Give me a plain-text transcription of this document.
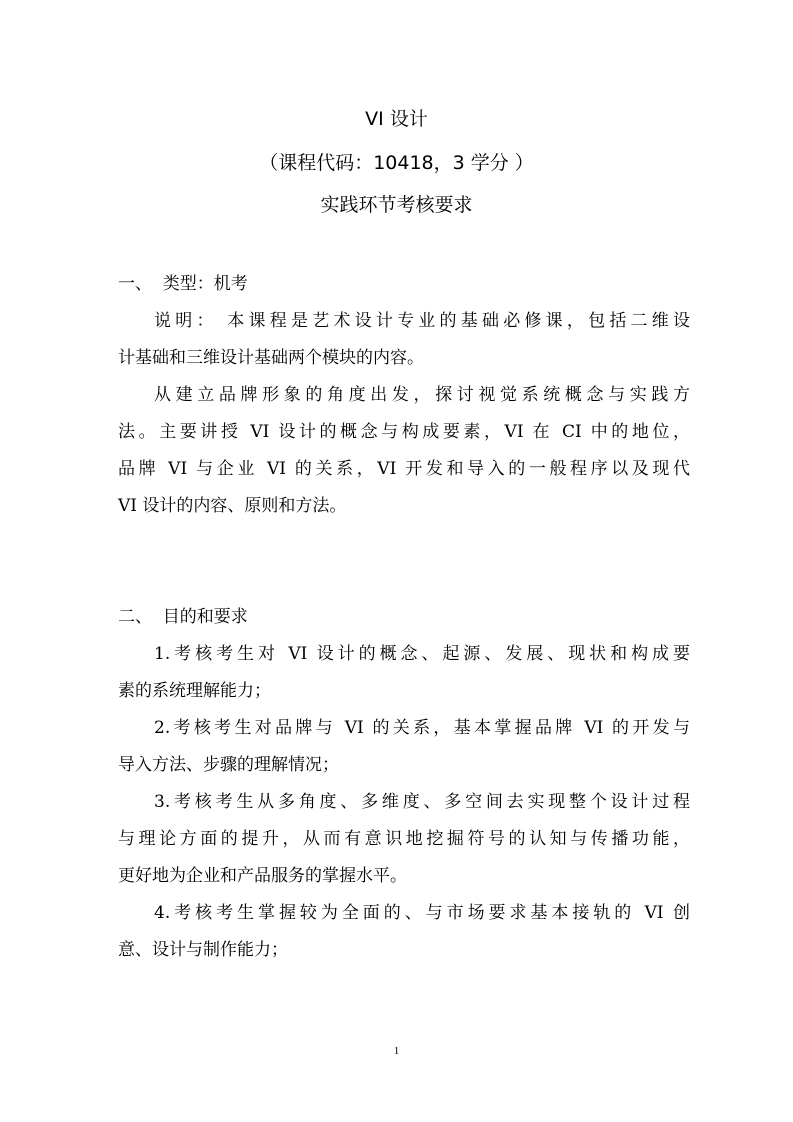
VI 设计
（课程代码：10418，3 学分 ）
实践环节考核要求
一、  类型：机考
说明： 本课程是艺术设计专业的基础必修课，包括二维设
计基础和三维设计基础两个模块的内容。
从建立品牌形象的角度出发，探讨视觉系统概念与实践方
法。主要讲授 VI 设计的概念与构成要素，VI 在 CI 中的地位，
品牌 VI 与企业 VI 的关系，VI 开发和导入的一般程序以及现代
VI 设计的内容、原则和方法。
二、  目的和要求
1.考核考生对 VI 设计的概念、起源、发展、现状和构成要
素的系统理解能力；
2.考核考生对品牌与 VI 的关系，基本掌握品牌 VI 的开发与
导入方法、步骤的理解情况；
3.考核考生从多角度、多维度、多空间去实现整个设计过程
与理论方面的提升，从而有意识地挖掘符号的认知与传播功能，
更好地为企业和产品服务的掌握水平。
4.考核考生掌握较为全面的、与市场要求基本接轨的 VI 创
意、设计与制作能力；
1
